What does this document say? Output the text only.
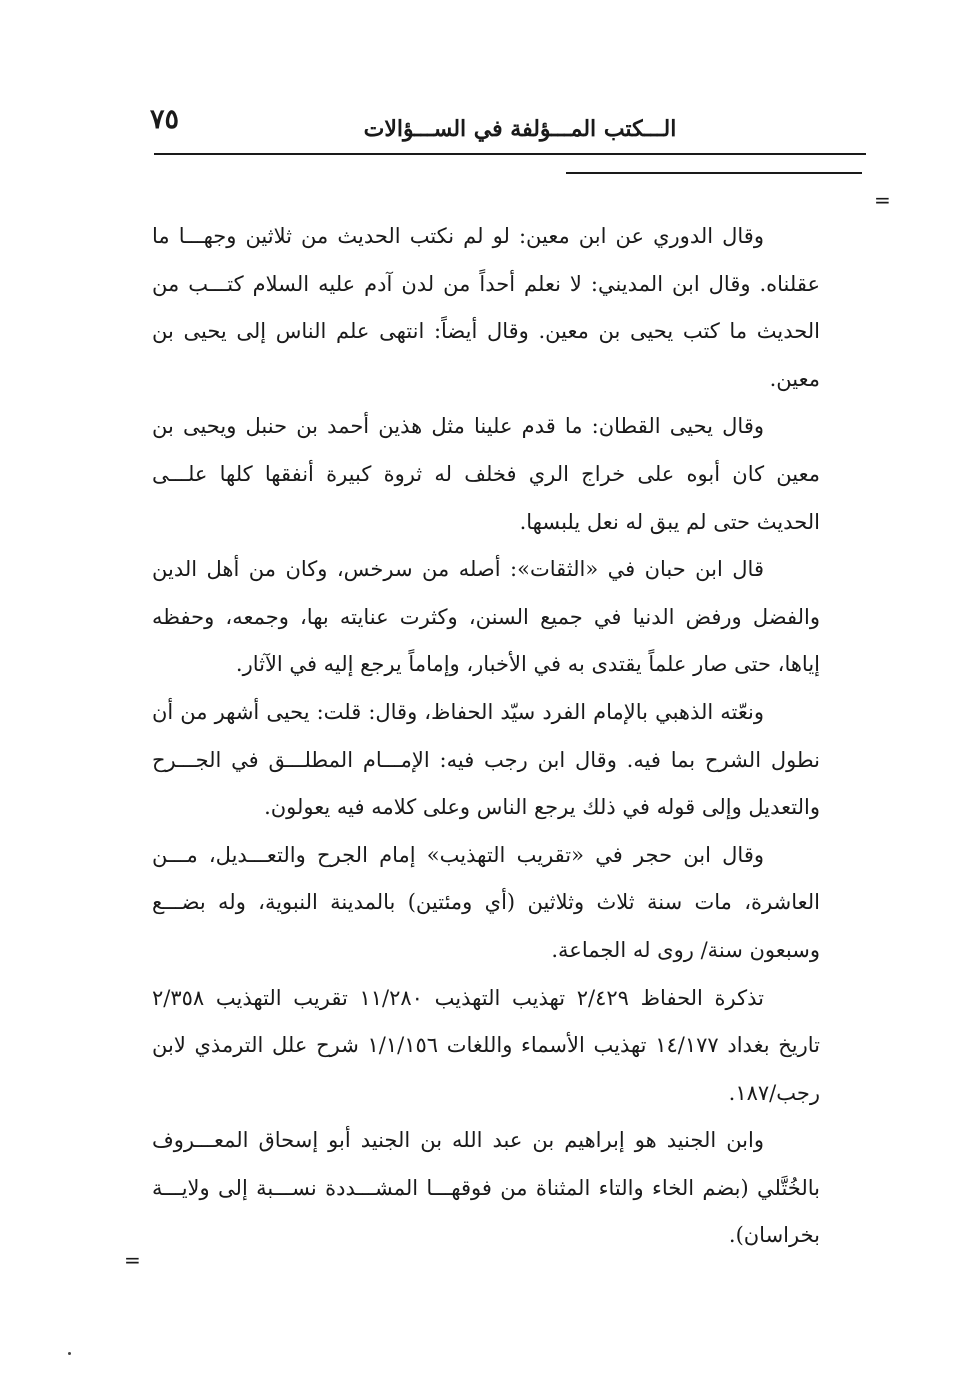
٧٥	الـــكتب المـــؤلفة في الســـؤالات
=

وقال الدوري عن ابن معين: لو لم نكتب الحديث من ثلاثين وجهـــا ما عقلناه. وقال ابن المديني: لا نعلم أحداً من لدن آدم عليه السلام كتـــب من الحديث ما كتب يحيى بن معين. وقال أيضاً: انتهى علم الناس إلى يحيى بن معين.

وقال يحيى القطان: ما قدم علينا مثل هذين أحمد بن حنبل ويحيى بن معين كان أبوه على خراج الري فخلف له ثروة كبيرة أنفقها كلها علـــى الحديث حتى لم يبق له نعل يلبسها.

قال ابن حبان في «الثقات»: أصله من سرخس، وكان من أهل الدين والفضل ورفض الدنيا في جميع السنن، وكثرت عنايته بها، وجمعه، وحفظه إياها، حتى صار علماً يقتدى به في الأخبار، وإماماً يرجع إليه في الآثار.

ونعّته الذهبي بالإمام الفرد سيّد الحفاظ، وقال: قلت: يحيى أشهر من أن نطول الشرح بما فيه. وقال ابن رجب فيه: الإمـــام المطلـــق في الجـــرح والتعديل وإلى قوله في ذلك يرجع الناس وعلى كلامه فيه يعولون.

وقال ابن حجر في «تقريب التهذيب» إمام الجرح والتعـــديل، مـــن العاشرة، مات سنة ثلاث وثلاثين (أي ومئتين) بالمدينة النبوية، وله بضـــع وسبعون سنة/ روى له الجماعة.

تذكرة الحفاظ ٢/٤٢٩ تهذيب التهذيب ١١/٢٨٠ تقريب التهذيب ٢/٣٥٨ تاريخ بغداد ١٤/١٧٧ تهذيب الأسماء واللغات ١/١/١٥٦ شرح علل الترمذي لابن رجب/١٨٧.

وابن الجنيد هو إبراهيم بن عبد الله بن الجنيد أبو إسحاق المعـــروف بالخُتَّلي (بضم الخاء والتاء المثناة من فوقهـــا المشـــددة نســـبة إلى ولايـــة بخراسان).

=
